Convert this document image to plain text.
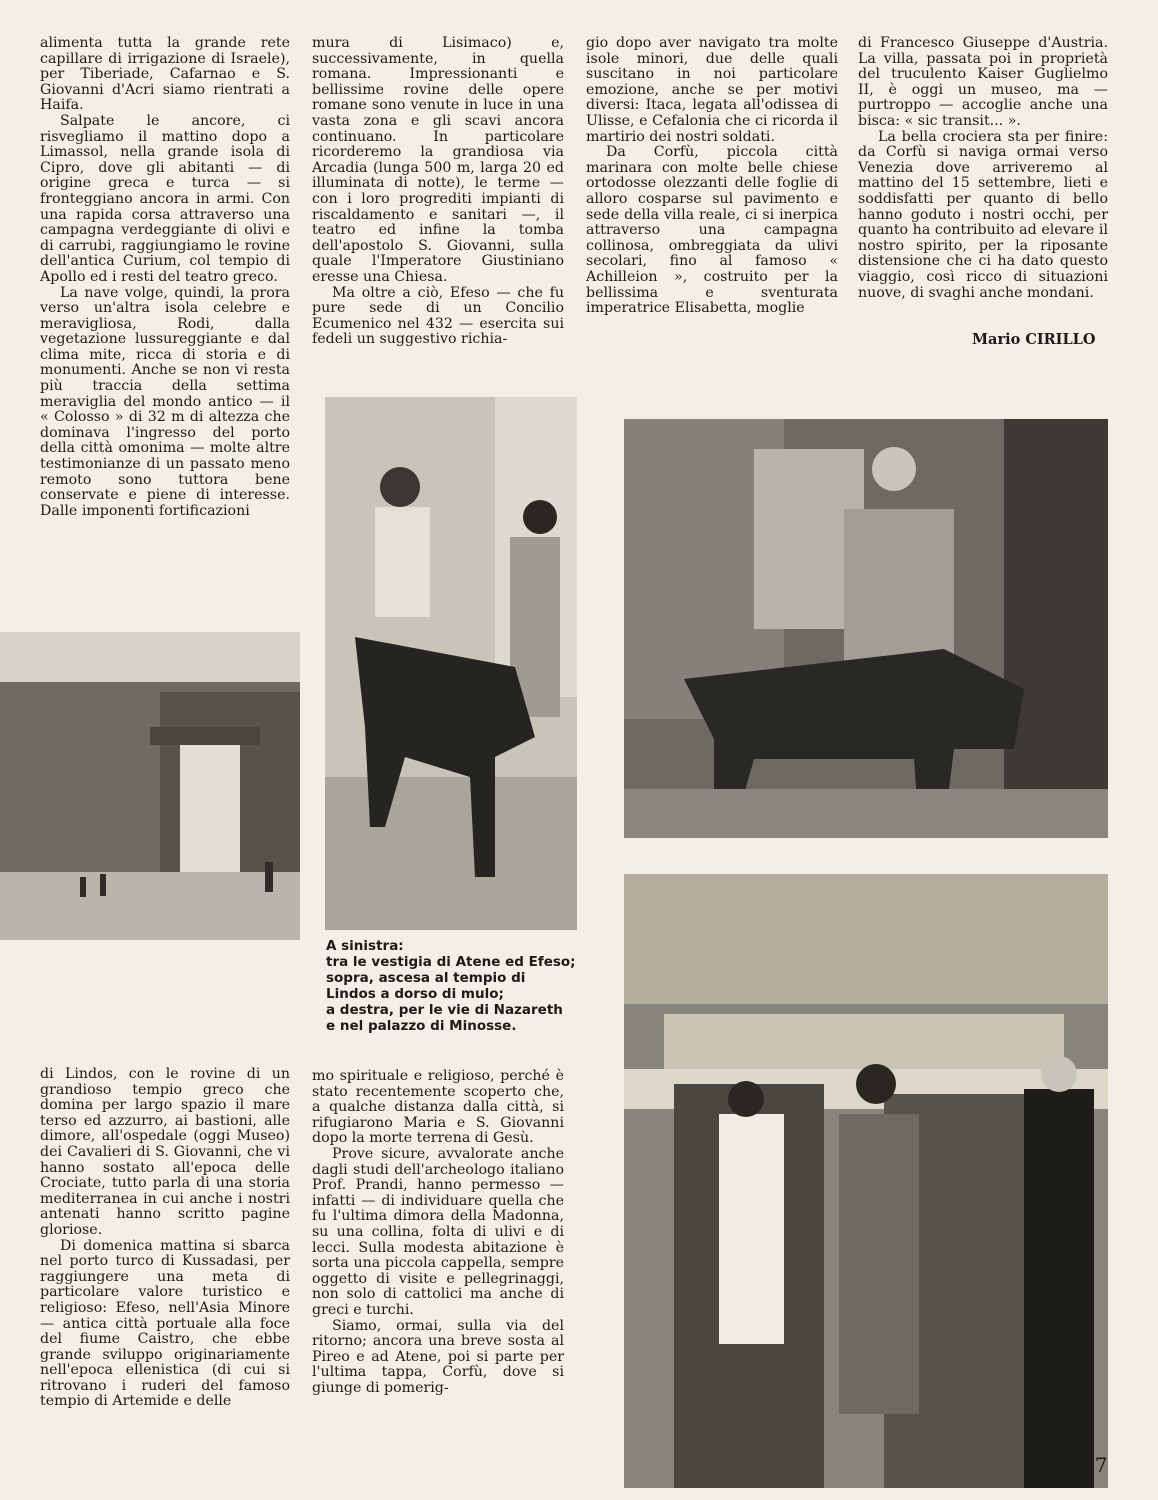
alimenta tutta la grande rete capillare di irrigazione di Israele), per Tiberiade, Cafarnao e S. Giovanni d'Acri siamo rientrati a Haifa.

Salpate le ancore, ci risvegliamo il mattino dopo a Limassol, nella grande isola di Cipro, dove gli abitanti — di origine greca e turca — si fronteggiano ancora in armi. Con una rapida corsa attraverso una campagna verdeggiante di olivi e di carrubi, raggiungiamo le rovine dell'antica Curium, col tempio di Apollo ed i resti del teatro greco.

La nave volge, quindi, la prora verso un'altra isola celebre e meravigliosa, Rodi, dalla vegetazione lussureggiante e dal clima mite, ricca di storia e di monumenti. Anche se non vi resta più traccia della settima meraviglia del mondo antico — il « Colosso » di 32 m di altezza che dominava l'ingresso del porto della città omonima — molte altre testimonianze di un passato meno remoto sono tuttora bene conservate e piene di interesse. Dalle imponenti fortificazioni

mura di Lisimaco) e, successivamente, in quella romana. Impressionanti e bellissime rovine delle opere romane sono venute in luce in una vasta zona e gli scavi ancora continuano. In particolare ricorderemo la grandiosa via Arcadia (lunga 500 m, larga 20 ed illuminata di notte), le terme — con i loro progrediti impianti di riscaldamento e sanitari —, il teatro ed infine la tomba dell'apostolo S. Giovanni, sulla quale l'Imperatore Giustiniano eresse una Chiesa.

Ma oltre a ciò, Efeso — che fu pure sede di un Concilio Ecumenico nel 432 — esercita sui fedeli un suggestivo richia-

gio dopo aver navigato tra molte isole minori, due delle quali suscitano in noi particolare emozione, anche se per motivi diversi: Itaca, legata all'odissea di Ulisse, e Cefalonia che ci ricorda il martirio dei nostri soldati.

Da Corfù, piccola città marinara con molte belle chiese ortodosse olezzanti delle foglie di alloro cosparse sul pavimento e sede della villa reale, ci si inerpica attraverso una campagna collinosa, ombreggiata da ulivi secolari, fino al famoso « Achilleion », costruito per la bellissima e sventurata imperatrice Elisabetta, moglie

di Francesco Giuseppe d'Austria. La villa, passata poi in proprietà del truculento Kaiser Guglielmo II, è oggi un museo, ma — purtroppo — accoglie anche una bisca: « sic transit... ».

La bella crociera sta per finire: da Corfù si naviga ormai verso Venezia dove arriveremo al mattino del 15 settembre, lieti e soddisfatti per quanto di bello hanno goduto i nostri occhi, per quanto ha contribuito ad elevare il nostro spirito, per la riposante distensione che ci ha dato questo viaggio, così ricco di situazioni nuove, di svaghi anche mondani.

Mario CIRILLO
A sinistra:
tra le vestigia di Atene ed Efeso;
sopra, ascesa al tempio di
Lindos a dorso di mulo;
a destra, per le vie di Nazareth
e nel palazzo di Minosse.

di Lindos, con le rovine di un grandioso tempio greco che domina per largo spazio il mare terso ed azzurro, ai bastioni, alle dimore, all'ospedale (oggi Museo) dei Cavalieri di S. Giovanni, che vi hanno sostato all'epoca delle Crociate, tutto parla di una storia mediterranea in cui anche i nostri antenati hanno scritto pagine gloriose.

Di domenica mattina si sbarca nel porto turco di Kussadasi, per raggiungere una meta di particolare valore turistico e religioso: Efeso, nell'Asia Minore — antica città portuale alla foce del fiume Caistro, che ebbe grande sviluppo originariamente nell'epoca ellenistica (di cui si ritrovano i ruderi del famoso tempio di Artemide e delle

mo spirituale e religioso, perché è stato recentemente scoperto che, a qualche distanza dalla città, si rifugiarono Maria e S. Giovanni dopo la morte terrena di Gesù.

Prove sicure, avvalorate anche dagli studi dell'archeologo italiano Prof. Prandi, hanno permesso — infatti — di individuare quella che fu l'ultima dimora della Madonna, su una collina, folta di ulivi e di lecci. Sulla modesta abitazione è sorta una piccola cappella, sempre oggetto di visite e pellegrinaggi, non solo di cattolici ma anche di greci e turchi.

Siamo, ormai, sulla via del ritorno; ancora una breve sosta al Pireo e ad Atene, poi si parte per l'ultima tappa, Corfù, dove si giunge di pomerig-

17
